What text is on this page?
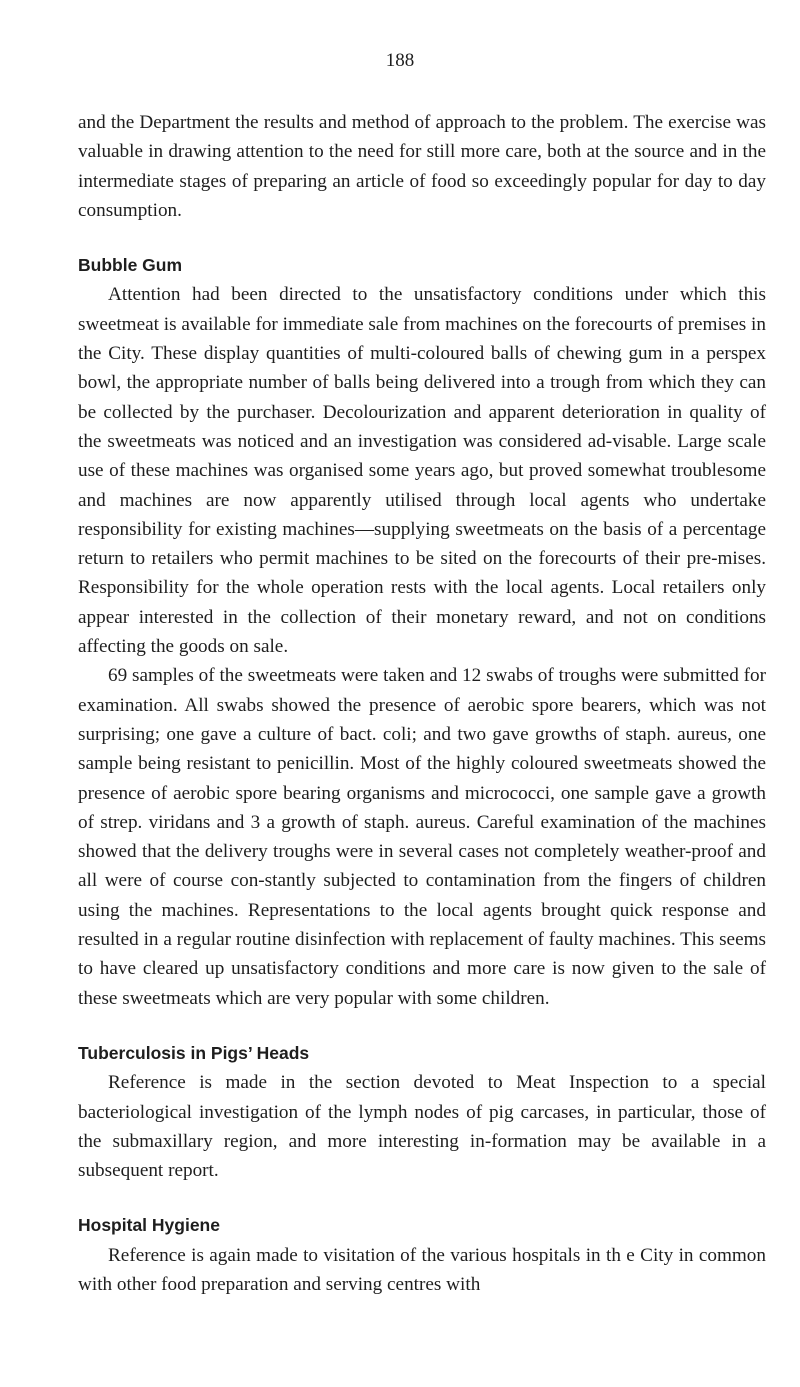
188

and the Department the results and method of approach to the problem. The exercise was valuable in drawing attention to the need for still more care, both at the source and in the intermediate stages of preparing an article of food so exceedingly popular for day to day consumption.

Bubble Gum

Attention had been directed to the unsatisfactory conditions under which this sweetmeat is available for immediate sale from machines on the forecourts of premises in the City. These display quantities of multi-coloured balls of chewing gum in a perspex bowl, the appropriate number of balls being delivered into a trough from which they can be collected by the purchaser. Decolourization and apparent deterioration in quality of the sweetmeats was noticed and an investigation was considered ad-visable. Large scale use of these machines was organised some years ago, but proved somewhat troublesome and machines are now apparently utilised through local agents who undertake responsibility for existing machines—supplying sweetmeats on the basis of a percentage return to retailers who permit machines to be sited on the forecourts of their pre-mises. Responsibility for the whole operation rests with the local agents. Local retailers only appear interested in the collection of their monetary reward, and not on conditions affecting the goods on sale.

69 samples of the sweetmeats were taken and 12 swabs of troughs were submitted for examination. All swabs showed the presence of aerobic spore bearers, which was not surprising; one gave a culture of bact. coli; and two gave growths of staph. aureus, one sample being resistant to penicillin. Most of the highly coloured sweetmeats showed the presence of aerobic spore bearing organisms and micrococci, one sample gave a growth of strep. viridans and 3 a growth of staph. aureus. Careful examination of the machines showed that the delivery troughs were in several cases not completely weather-proof and all were of course con-stantly subjected to contamination from the fingers of children using the machines. Representations to the local agents brought quick response and resulted in a regular routine disinfection with replacement of faulty machines. This seems to have cleared up unsatisfactory conditions and more care is now given to the sale of these sweetmeats which are very popular with some children.

Tuberculosis in Pigs’ Heads

Reference is made in the section devoted to Meat Inspection to a special bacteriological investigation of the lymph nodes of pig carcases, in particular, those of the submaxillary region, and more interesting in-formation may be available in a subsequent report.

Hospital Hygiene

Reference is again made to visitation of the various hospitals in th e City in common with other food preparation and serving centres with
